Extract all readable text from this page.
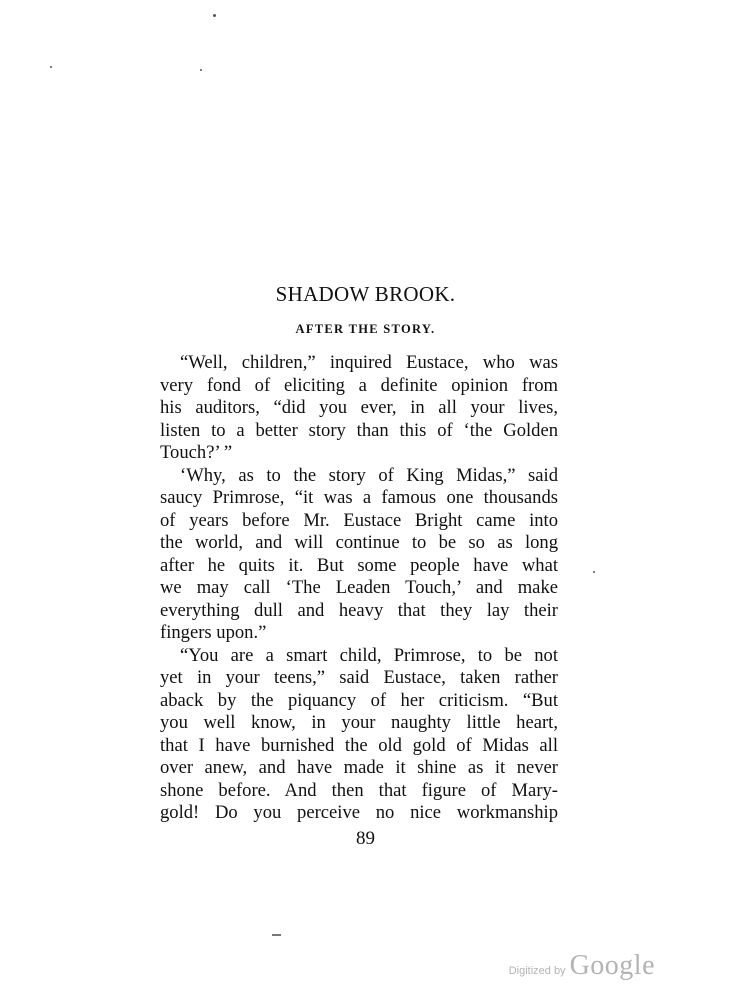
SHADOW BROOK.
AFTER THE STORY.
“Well, children,” inquired Eustace, who was
very fond of eliciting a definite opinion from
his auditors, “did you ever, in all your lives,
listen to a better story than this of ‘the Golden
Touch?’ ”
‘Why, as to the story of King Midas,” said
saucy Primrose, “it was a famous one thousands
of years before Mr. Eustace Bright came into
the world, and will continue to be so as long
after he quits it. But some people have what
we may call ‘The Leaden Touch,’ and make
everything dull and heavy that they lay their
fingers upon.”
“You are a smart child, Primrose, to be not
yet in your teens,” said Eustace, taken rather
aback by the piquancy of her criticism. “But
you well know, in your naughty little heart,
that I have burnished the old gold of Midas all
over anew, and have made it shine as it never
shone before. And then that figure of Mary-
gold! Do you perceive no nice workmanship
89
Digitized by Google
